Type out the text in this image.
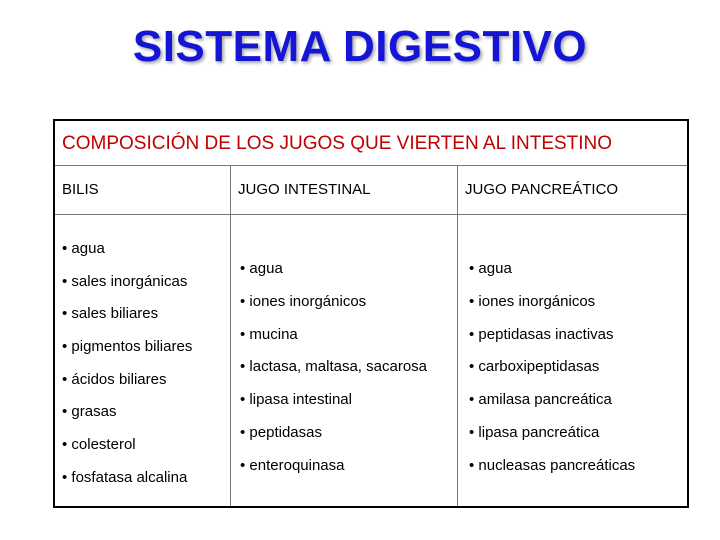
SISTEMA DIGESTIVO
COMPOSICIÓN DE LOS JUGOS QUE VIERTEN AL INTESTINO
BILIS	JUGO INTESTINAL	JUGO PANCREÁTICO
• agua
• sales inorgánicas
• sales biliares
• pigmentos biliares
• ácidos biliares
• grasas
• colesterol
• fosfatasa alcalina
• agua
• iones inorgánicos
• mucina
• lactasa, maltasa, sacarosa
• lipasa intestinal
• peptidasas
• enteroquinasa
• agua
• iones inorgánicos
• peptidasas inactivas
• carboxipeptidasas
• amilasa pancreática
• lipasa pancreática
• nucleasas pancreáticas
